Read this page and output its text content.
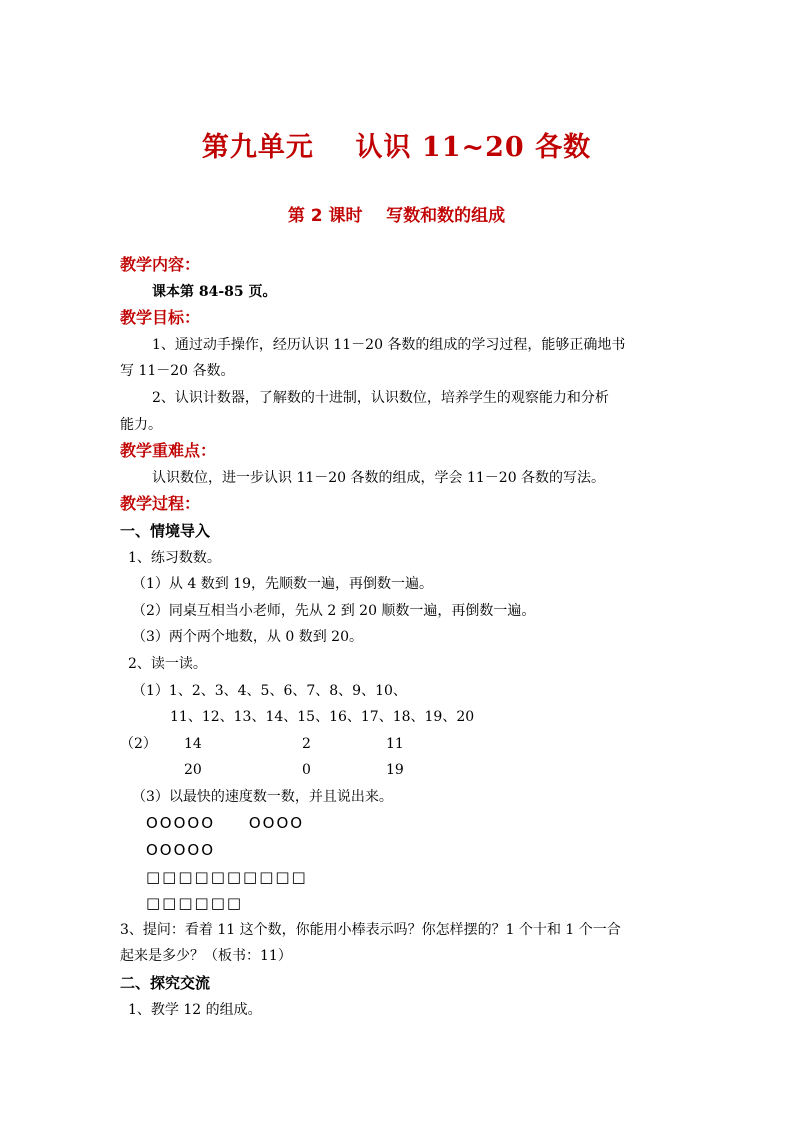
第九单元    认识 11~20 各数
第 2 课时    写数和数的组成
教学内容：
课本第 84-85 页。
教学目标：
1、通过动手操作，经历认识 11－20 各数的组成的学习过程，能够正确地书
写 11－20 各数。
2、认识计数器，了解数的十进制，认识数位，培养学生的观察能力和分析
能力。
教学重难点：
认识数位，进一步认识 11－20 各数的组成，学会 11－20 各数的写法。
教学过程：
一、情境导入
1、练习数数。
（1）从 4 数到 19，先顺数一遍，再倒数一遍。
（2）同桌互相当小老师，先从 2 到 20 顺数一遍，再倒数一遍。
（3）两个两个地数，从 0 数到 20。
2、读一读。
（1）1、2、3、4、5、6、7、8、9、10、
11、12、13、14、15、16、17、18、19、20
（2）	14	2	11
20	0	19
（3）以最快的速度数一数，并且说出来。
OOOOO     OOOO
OOOOO
□□□□□□□□□□
□□□□□□
3、提问：看着 11 这个数，你能用小棒表示吗？你怎样摆的？1 个十和 1 个一合
起来是多少？（板书：11）
二、探究交流
1、教学 12 的组成。
